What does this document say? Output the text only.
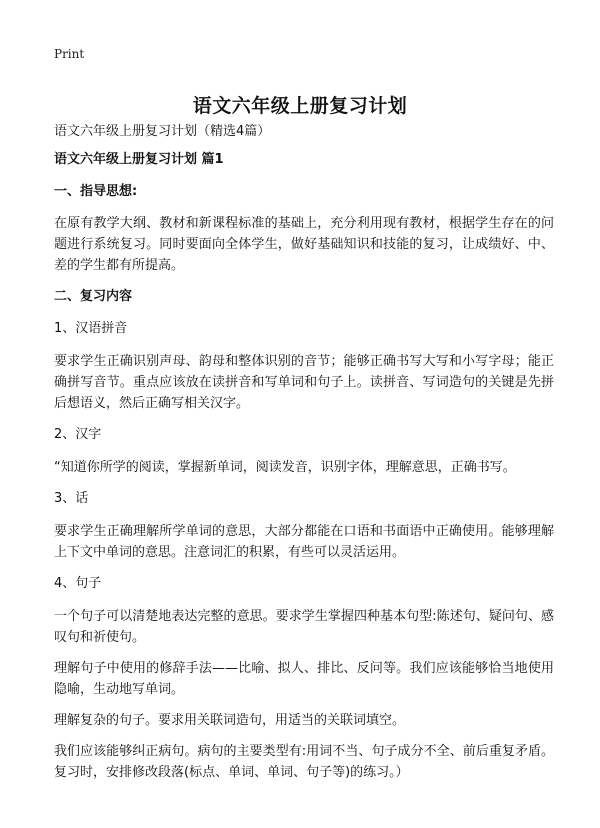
Print
语文六年级上册复习计划

语文六年级上册复习计划（精选4篇）

语文六年级上册复习计划 篇1

一、指导思想:

在原有教学大纲、教材和新课程标准的基础上，充分利用现有教材，根据学生存在的问题进行系统复习。同时要面向全体学生，做好基础知识和技能的复习，让成绩好、中、差的学生都有所提高。

二、复习内容

1、汉语拼音

要求学生正确识别声母、韵母和整体识别的音节；能够正确书写大写和小写字母；能正确拼写音节。重点应该放在读拼音和写单词和句子上。读拼音、写词造句的关键是先拼后想语义，然后正确写相关汉字。

2、汉字

“知道你所学的阅读，掌握新单词，阅读发音，识别字体，理解意思，正确书写。

3、话

要求学生正确理解所学单词的意思，大部分都能在口语和书面语中正确使用。能够理解上下文中单词的意思。注意词汇的积累，有些可以灵活运用。

4、句子

一个句子可以清楚地表达完整的意思。要求学生掌握四种基本句型:陈述句、疑问句、感叹句和祈使句。

理解句子中使用的修辞手法——比喻、拟人、排比、反问等。我们应该能够恰当地使用隐喻，生动地写单词。

理解复杂的句子。要求用关联词造句，用适当的关联词填空。

我们应该能够纠正病句。病句的主要类型有:用词不当、句子成分不全、前后重复矛盾。复习时，安排修改段落(标点、单词、单词、句子等)的练习。）
